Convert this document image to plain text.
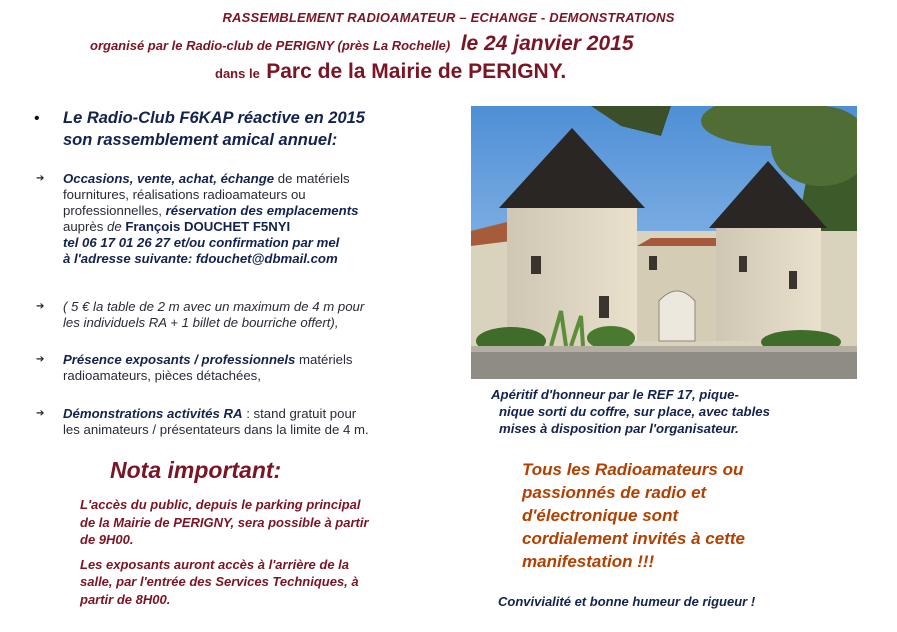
RASSEMBLEMENT RADIOAMATEUR – ECHANGE - DEMONSTRATIONS
organisé par le Radio-club de PERIGNY (près La Rochelle) le 24 janvier 2015
dans le Parc de la Mairie de PERIGNY.
• Le Radio-Club F6KAP réactive en 2015
son rassemblement amical annuel:
➔ Occasions, vente, achat, échange de matériels
fournitures, réalisations radioamateurs ou
professionnelles, réservation des emplacements
auprès de François DOUCHET F5NYI
tel 06 17 01 26 27 et/ou confirmation par mel
à l'adresse suivante: fdouchet@dbmail.com
➔ ( 5 € la table de 2 m avec un maximum de 4 m pour
les individuels RA + 1 billet de bourriche offert),
➔ Présence exposants / professionnels matériels
radioamateurs, pièces détachées,
➔ Démonstrations activités RA : stand gratuit pour
les animateurs / présentateurs dans la limite de 4 m.
Apéritif d'honneur par le REF 17, pique-
nique sorti du coffre, sur place, avec tables
mises à disposition par l'organisateur.
Nota important:
L'accès du public, depuis le parking principal
de la Mairie de PERIGNY, sera possible à partir
de 9H00.
Les exposants auront accès à l'arrière de la
salle, par l'entrée des Services Techniques, à
partir de 8H00.
Tous les Radioamateurs ou
passionnés de radio et
d'électronique sont
cordialement invités à cette
manifestation !!!
Convivialité et bonne humeur de rigueur !
